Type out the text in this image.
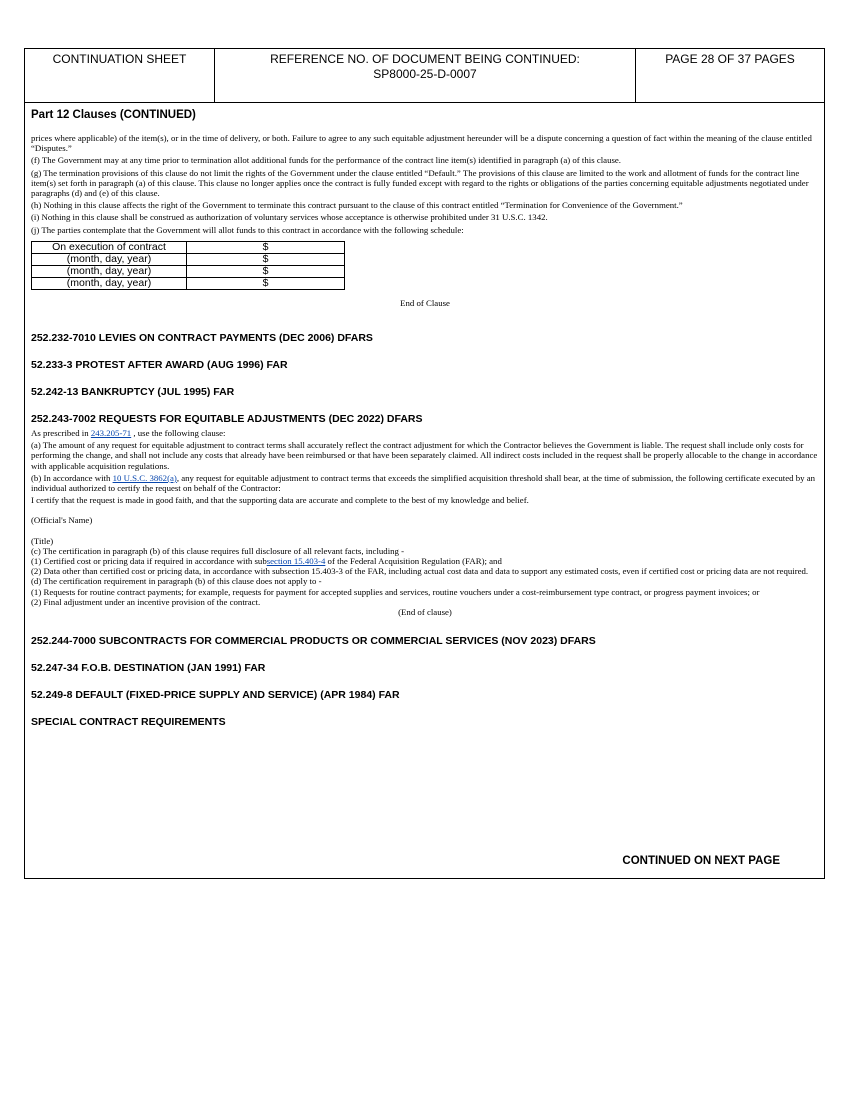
CONTINUATION SHEET	REFERENCE NO. OF DOCUMENT BEING CONTINUED:
SP8000-25-D-0007
PAGE 28 OF 37 PAGES
Part 12 Clauses (CONTINUED)

prices where applicable) of the item(s), or in the time of delivery, or both. Failure to agree to any such equitable adjustment hereunder will be a dispute concerning a question of fact within the meaning of the clause entitled “Disputes.”

(f) The Government may at any time prior to termination allot additional funds for the performance of the contract line item(s) identified in paragraph (a) of this clause.

(g) The termination provisions of this clause do not limit the rights of the Government under the clause entitled “Default.” The provisions of this clause are limited to the work and allotment of funds for the contract line item(s) set forth in paragraph (a) of this clause. This clause no longer applies once the contract is fully funded except with regard to the rights or obligations of the parties concerning equitable adjustments negotiated under paragraphs (d) and (e) of this clause.

(h) Nothing in this clause affects the right of the Government to terminate this contract pursuant to the clause of this contract entitled “Termination for Convenience of the Government.”

(i) Nothing in this clause shall be construed as authorization of voluntary services whose acceptance is otherwise prohibited under 31 U.S.C. 1342.

(j) The parties contemplate that the Government will allot funds to this contract in accordance with the following schedule:

On execution of contract	$
(month, day, year)	$
(month, day, year)	$
(month, day, year)	$
End of Clause
252.232-7010 LEVIES ON CONTRACT PAYMENTS (DEC 2006) DFARS
52.233-3 PROTEST AFTER AWARD (AUG 1996) FAR
52.242-13 BANKRUPTCY (JUL 1995) FAR
252.243-7002 REQUESTS FOR EQUITABLE ADJUSTMENTS (DEC 2022) DFARS

As prescribed in 243.205-71 , use the following clause:

(a) The amount of any request for equitable adjustment to contract terms shall accurately reflect the contract adjustment for which the Contractor believes the Government is liable. The request shall include only costs for performing the change, and shall not include any costs that already have been reimbursed or that have been separately claimed. All indirect costs included in the request shall be properly allocable to the change in accordance with applicable acquisition regulations.

(b) In accordance with 10 U.S.C. 3862(a), any request for equitable adjustment to contract terms that exceeds the simplified acquisition threshold shall bear, at the time of submission, the following certificate executed by an individual authorized to certify the request on behalf of the Contractor:

I certify that the request is made in good faith, and that the supporting data are accurate and complete to the best of my knowledge and belief.

(Official's Name)

(Title)

(c) The certification in paragraph (b) of this clause requires full disclosure of all relevant facts, including -

(1) Certified cost or pricing data if required in accordance with subsection 15.403-4 of the Federal Acquisition Regulation (FAR); and

(2) Data other than certified cost or pricing data, in accordance with subsection 15.403-3 of the FAR, including actual cost data and data to support any estimated costs, even if certified cost or pricing data are not required.

(d) The certification requirement in paragraph (b) of this clause does not apply to -

(1) Requests for routine contract payments; for example, requests for payment for accepted supplies and services, routine vouchers under a cost-reimbursement type contract, or progress payment invoices; or

(2) Final adjustment under an incentive provision of the contract.

(End of clause)

252.244-7000 SUBCONTRACTS FOR COMMERCIAL PRODUCTS OR COMMERCIAL SERVICES (NOV 2023) DFARS
52.247-34 F.O.B. DESTINATION (JAN 1991) FAR
52.249-8 DEFAULT (FIXED-PRICE SUPPLY AND SERVICE) (APR 1984) FAR
SPECIAL CONTRACT REQUIREMENTS
CONTINUED ON NEXT PAGE
